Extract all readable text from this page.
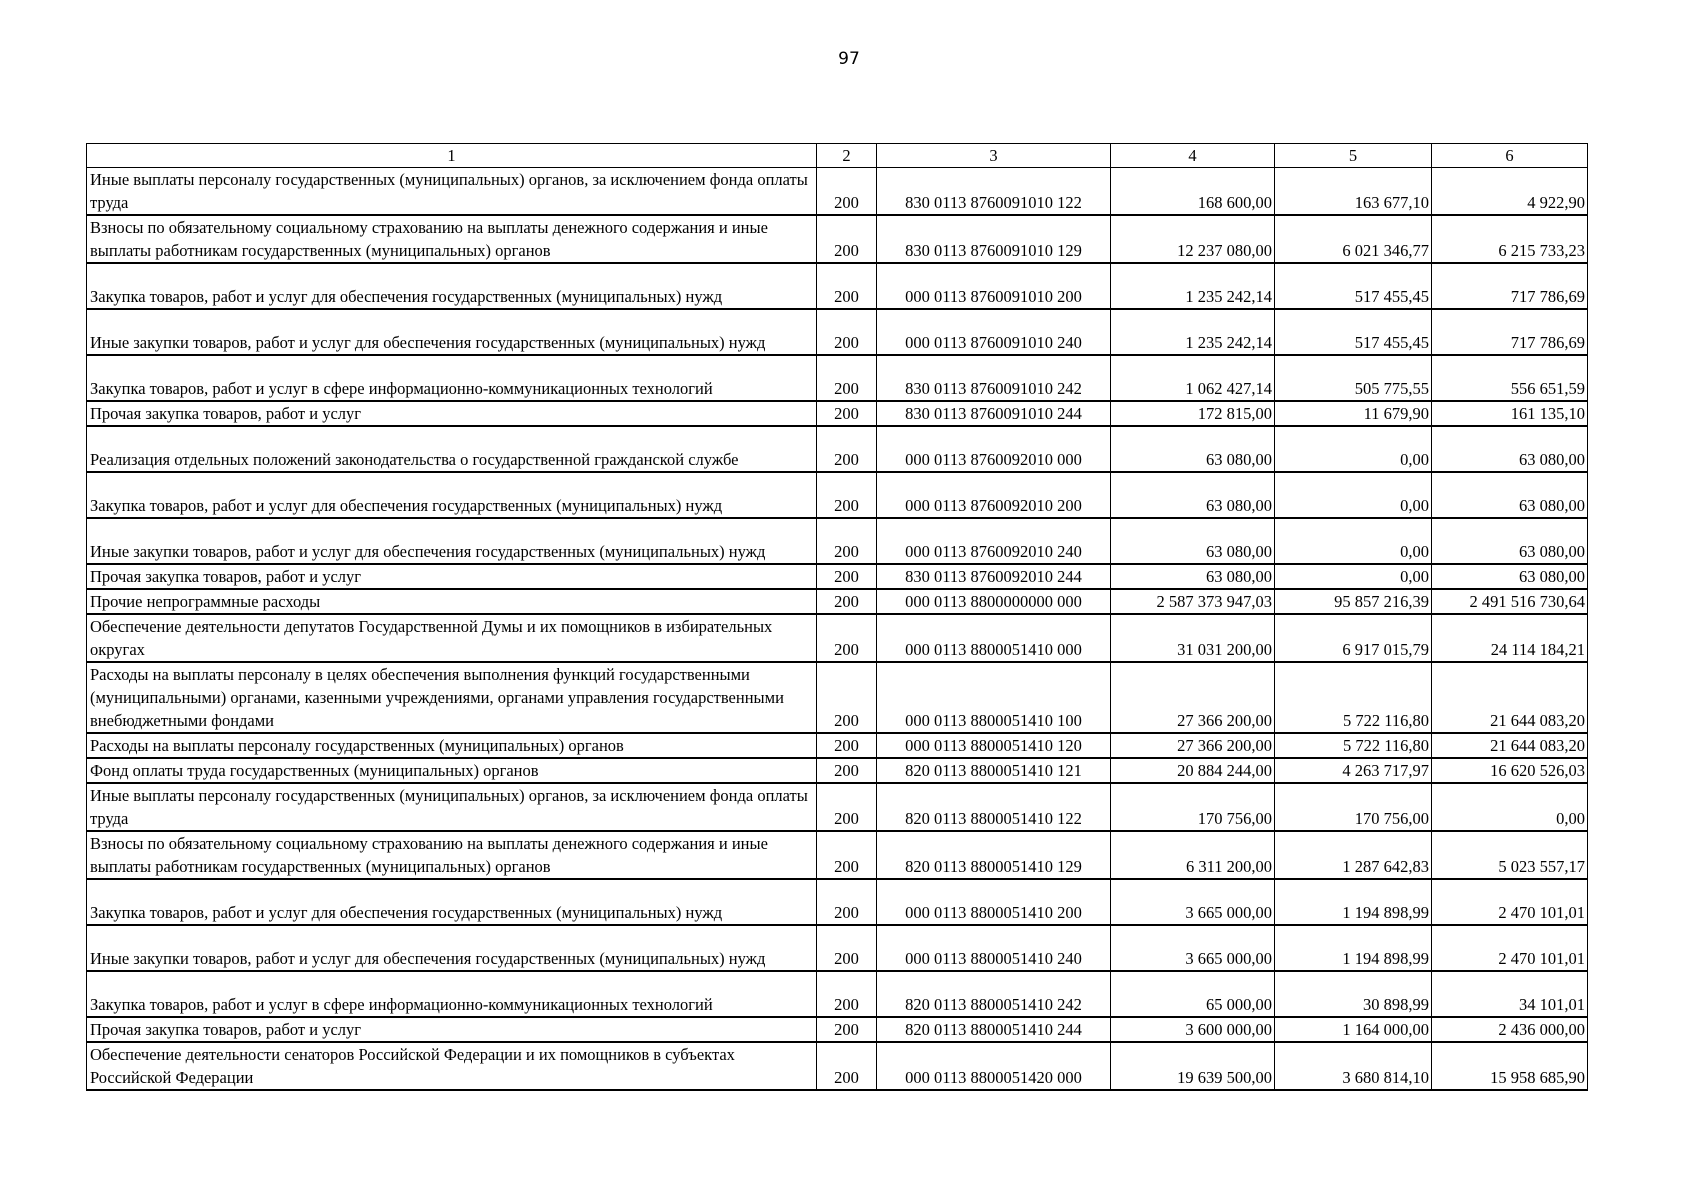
97
1	2	3	4	5	6
Иные выплаты персоналу государственных (муниципальных) органов, за исключением фонда оплаты труда	200	830 0113 8760091010 122	168 600,00	163 677,10	4 922,90
Взносы по обязательному социальному страхованию на выплаты денежного содержания и иные выплаты работникам государственных (муниципальных) органов	200	830 0113 8760091010 129	12 237 080,00	6 021 346,77	6 215 733,23
Закупка товаров, работ и услуг для обеспечения государственных (муниципальных) нужд	200	000 0113 8760091010 200	1 235 242,14	517 455,45	717 786,69
Иные закупки товаров, работ и услуг для обеспечения государственных (муниципальных) нужд	200	000 0113 8760091010 240	1 235 242,14	517 455,45	717 786,69
Закупка товаров, работ и услуг в сфере информационно-коммуникационных технологий	200	830 0113 8760091010 242	1 062 427,14	505 775,55	556 651,59
Прочая закупка товаров, работ и услуг	200	830 0113 8760091010 244	172 815,00	11 679,90	161 135,10
Реализация отдельных положений законодательства о государственной гражданской службе	200	000 0113 8760092010 000	63 080,00	0,00	63 080,00
Закупка товаров, работ и услуг для обеспечения государственных (муниципальных) нужд	200	000 0113 8760092010 200	63 080,00	0,00	63 080,00
Иные закупки товаров, работ и услуг для обеспечения государственных (муниципальных) нужд	200	000 0113 8760092010 240	63 080,00	0,00	63 080,00
Прочая закупка товаров, работ и услуг	200	830 0113 8760092010 244	63 080,00	0,00	63 080,00
Прочие непрограммные расходы	200	000 0113 8800000000 000	2 587 373 947,03	95 857 216,39	2 491 516 730,64
Обеспечение деятельности депутатов Государственной Думы и их помощников в избирательных округах	200	000 0113 8800051410 000	31 031 200,00	6 917 015,79	24 114 184,21
Расходы на выплаты персоналу в целях обеспечения выполнения функций государственными (муниципальными) органами, казенными учреждениями, органами управления государственными внебюджетными фондами	200	000 0113 8800051410 100	27 366 200,00	5 722 116,80	21 644 083,20
Расходы на выплаты персоналу государственных (муниципальных) органов	200	000 0113 8800051410 120	27 366 200,00	5 722 116,80	21 644 083,20
Фонд оплаты труда государственных (муниципальных) органов	200	820 0113 8800051410 121	20 884 244,00	4 263 717,97	16 620 526,03
Иные выплаты персоналу государственных (муниципальных) органов, за исключением фонда оплаты труда	200	820 0113 8800051410 122	170 756,00	170 756,00	0,00
Взносы по обязательному социальному страхованию на выплаты денежного содержания и иные выплаты работникам государственных (муниципальных) органов	200	820 0113 8800051410 129	6 311 200,00	1 287 642,83	5 023 557,17
Закупка товаров, работ и услуг для обеспечения государственных (муниципальных) нужд	200	000 0113 8800051410 200	3 665 000,00	1 194 898,99	2 470 101,01
Иные закупки товаров, работ и услуг для обеспечения государственных (муниципальных) нужд	200	000 0113 8800051410 240	3 665 000,00	1 194 898,99	2 470 101,01
Закупка товаров, работ и услуг в сфере информационно-коммуникационных технологий	200	820 0113 8800051410 242	65 000,00	30 898,99	34 101,01
Прочая закупка товаров, работ и услуг	200	820 0113 8800051410 244	3 600 000,00	1 164 000,00	2 436 000,00
Обеспечение деятельности сенаторов Российской Федерации и их помощников в субъектах Российской Федерации	200	000 0113 8800051420 000	19 639 500,00	3 680 814,10	15 958 685,90
